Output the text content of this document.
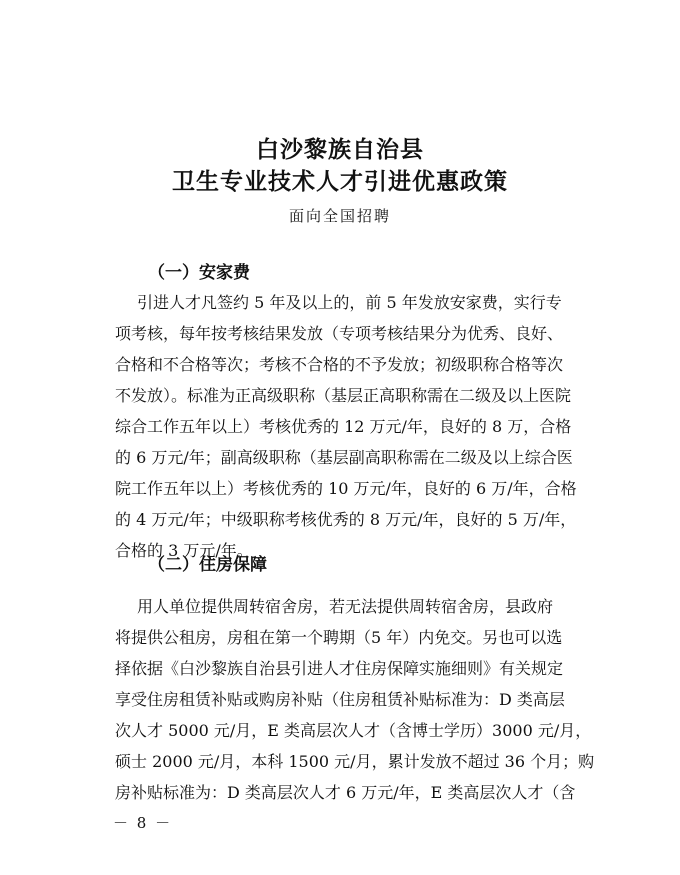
白沙黎族自治县
卫生专业技术人才引进优惠政策
面向全国招聘
（一）安家费
引进人才凡签约 5 年及以上的，前 5 年发放安家费，实行专
项考核，每年按考核结果发放（专项考核结果分为优秀、良好、
合格和不合格等次；考核不合格的不予发放；初级职称合格等次
不发放）。标准为正高级职称（基层正高职称需在二级及以上医院
综合工作五年以上）考核优秀的 12 万元/年，良好的 8 万，合格
的 6 万元/年；副高级职称（基层副高职称需在二级及以上综合医
院工作五年以上）考核优秀的 10 万元/年，良好的 6 万/年，合格
的 4 万元/年；中级职称考核优秀的 8 万元/年，良好的 5 万/年，
合格的 3 万元/年。
（二）住房保障
用人单位提供周转宿舍房，若无法提供周转宿舍房，县政府
将提供公租房，房租在第一个聘期（5 年）内免交。另也可以选
择依据《白沙黎族自治县引进人才住房保障实施细则》有关规定
享受住房租赁补贴或购房补贴（住房租赁补贴标准为：D 类高层
次人才 5000 元/月，E 类高层次人才（含博士学历）3000 元/月，
硕士 2000 元/月，本科 1500 元/月，累计发放不超过 36 个月；购
房补贴标准为：D 类高层次人才 6 万元/年，E 类高层次人才（含
－ 8 －
